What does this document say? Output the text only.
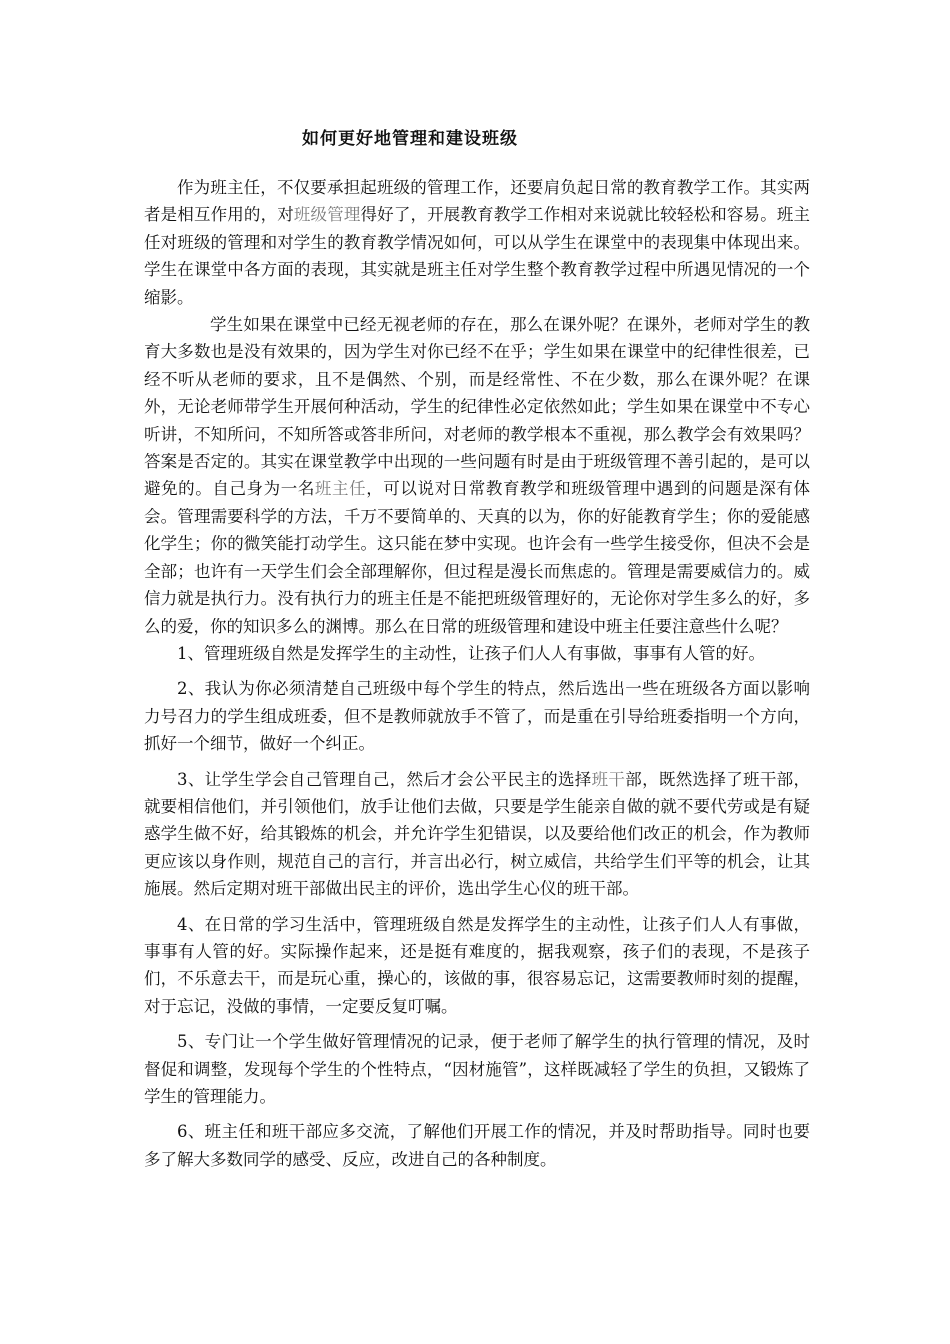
如何更好地管理和建设班级

作为班主任，不仅要承担起班级的管理工作，还要肩负起日常的教育教学工作。其实两者是相互作用的，对班级管理得好了，开展教育教学工作相对来说就比较轻松和容易。班主任对班级的管理和对学生的教育教学情况如何，可以从学生在课堂中的表现集中体现出来。学生在课堂中各方面的表现，其实就是班主任对学生整个教育教学过程中所遇见情况的一个缩影。

学生如果在课堂中已经无视老师的存在，那么在课外呢？在课外，老师对学生的教育大多数也是没有效果的，因为学生对你已经不在乎；学生如果在课堂中的纪律性很差，已经不听从老师的要求，且不是偶然、个别，而是经常性、不在少数，那么在课外呢？在课外，无论老师带学生开展何种活动，学生的纪律性必定依然如此；学生如果在课堂中不专心听讲，不知所问，不知所答或答非所问，对老师的教学根本不重视，那么教学会有效果吗？答案是否定的。其实在课堂教学中出现的一些问题有时是由于班级管理不善引起的，是可以避免的。自己身为一名班主任，可以说对日常教育教学和班级管理中遇到的问题是深有体会。管理需要科学的方法，千万不要简单的、天真的以为，你的好能教育学生；你的爱能感化学生；你的微笑能打动学生。这只能在梦中实现。也许会有一些学生接受你，但决不会是全部；也许有一天学生们会全部理解你，但过程是漫长而焦虑的。管理是需要威信力的。威信力就是执行力。没有执行力的班主任是不能把班级管理好的，无论你对学生多么的好，多么的爱，你的知识多么的渊博。那么在日常的班级管理和建设中班主任要注意些什么呢？

1、管理班级自然是发挥学生的主动性，让孩子们人人有事做，事事有人管的好。

2、我认为你必须清楚自己班级中每个学生的特点，然后选出一些在班级各方面以影响力号召力的学生组成班委，但不是教师就放手不管了，而是重在引导给班委指明一个方向，抓好一个细节，做好一个纠正。

3、让学生学会自己管理自己，然后才会公平民主的选择班干部，既然选择了班干部，就要相信他们，并引领他们，放手让他们去做，只要是学生能亲自做的就不要代劳或是有疑惑学生做不好，给其锻炼的机会，并允许学生犯错误，以及要给他们改正的机会，作为教师更应该以身作则，规范自己的言行，并言出必行，树立威信，共给学生们平等的机会，让其施展。然后定期对班干部做出民主的评价，选出学生心仪的班干部。

4、在日常的学习生活中，管理班级自然是发挥学生的主动性，让孩子们人人有事做，事事有人管的好。实际操作起来，还是挺有难度的，据我观察，孩子们的表现，不是孩子们，不乐意去干，而是玩心重，操心的，该做的事，很容易忘记，这需要教师时刻的提醒，对于忘记，没做的事情，一定要反复叮嘱。

5、专门让一个学生做好管理情况的记录，便于老师了解学生的执行管理的情况，及时督促和调整，发现每个学生的个性特点，“因材施管”，这样既减轻了学生的负担，又锻炼了学生的管理能力。

6、班主任和班干部应多交流，了解他们开展工作的情况，并及时帮助指导。同时也要多了解大多数同学的感受、反应，改进自己的各种制度。
